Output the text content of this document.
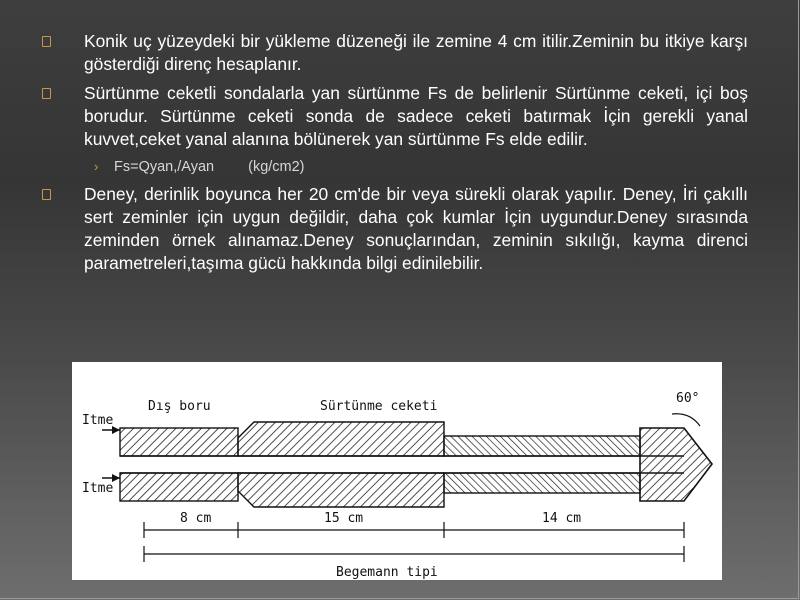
Konik uç yüzeydeki bir yükleme düzeneği ile zemine 4 cm itilir.Zeminin bu itkiye karşı gösterdiği direnç hesaplanır.
Sürtünme ceketli sondalarla yan sürtünme Fs de belirlenir Sürtünme ceketi, içi boş borudur. Sürtünme ceketi sonda de sadece ceketi batırmak İçin gerekli yanal kuvvet,ceket yanal alanına bölünerek yan sürtünme Fs elde edilir.
› Fs=Qyan,/Ayan (kg/cm2)
Deney, derinlik boyunca her 20 cm'de bir veya sürekli olarak yapılır. Deney, İri çakıllı sert zeminler için uygun değildir, daha çok kumlar İçin uygundur.Deney sırasında zeminden örnek alınamaz.Deney sonuçlarından, zeminin sıkılığı, kayma direnci parametreleri,taşıma gücü hakkında bilgi edinilebilir.
Dış boru	Sürtünme ceketi
Itme
Itme
60°
8 cm	15 cm	14 cm
Begemann tipi
